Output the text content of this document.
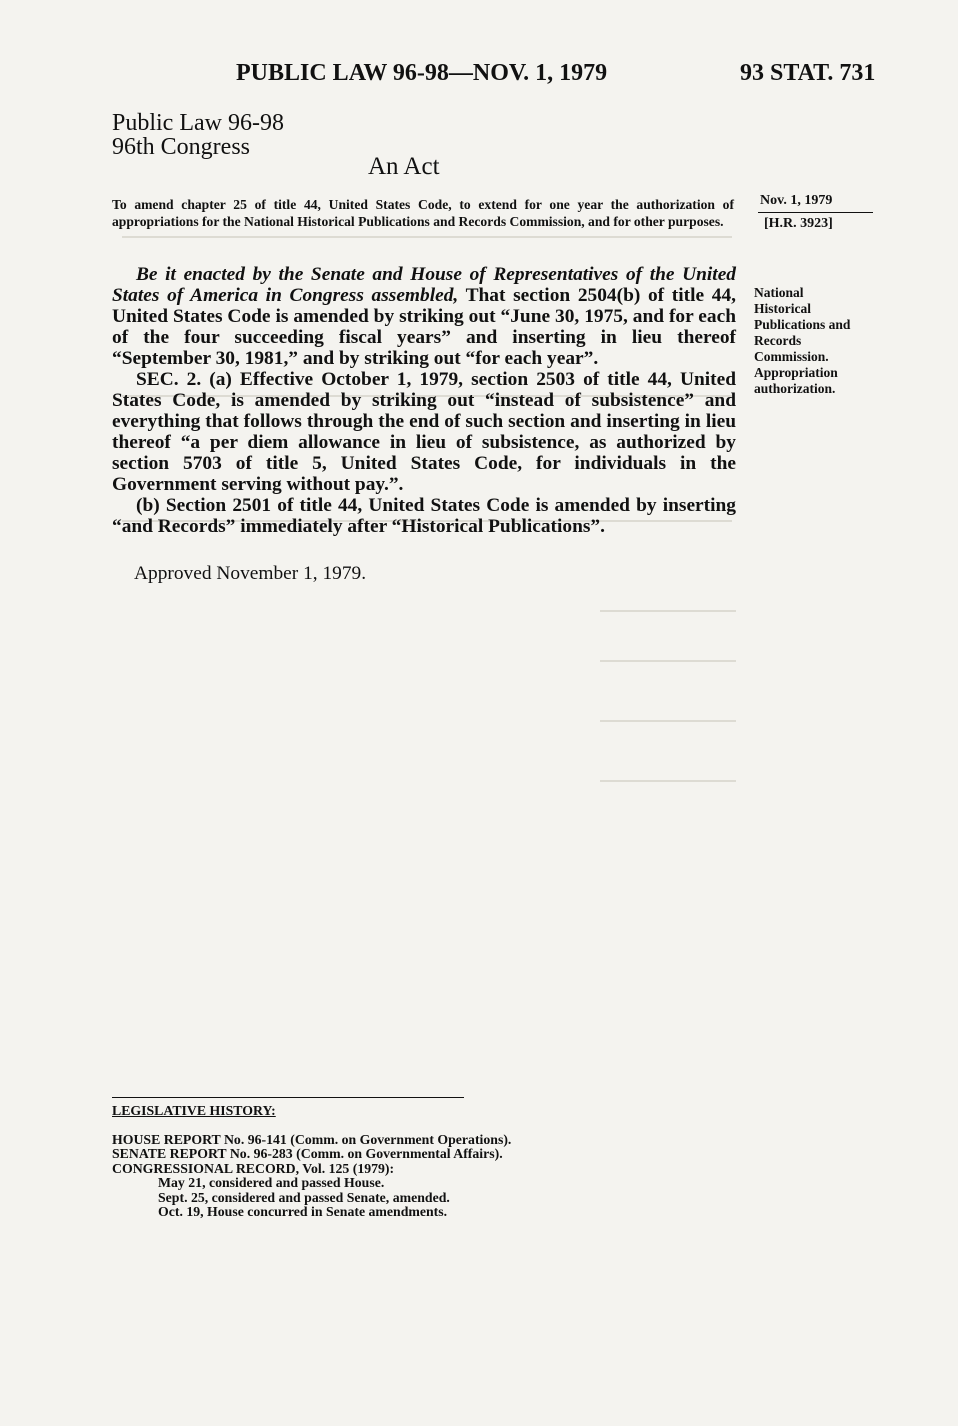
PUBLIC LAW 96-98—NOV. 1, 1979	93 STAT. 731
Public Law 96-98
96th Congress
An Act

To amend chapter 25 of title 44, United States Code, to extend for one year the authorization of appropriations for the National Historical Publications and Records Commission, and for other purposes.

Nov. 1, 1979
[H.R. 3923]

Be it enacted by the Senate and House of Representatives of the United States of America in Congress assembled, That section 2504(b) of title 44, United States Code is amended by striking out “June 30, 1975, and for each of the four succeeding fiscal years” and inserting in lieu thereof “September 30, 1981,” and by striking out “for each year”.

SEC. 2. (a) Effective October 1, 1979, section 2503 of title 44, United States Code, is amended by striking out “instead of subsistence” and everything that follows through the end of such section and inserting in lieu thereof “a per diem allowance in lieu of subsistence, as authorized by section 5703 of title 5, United States Code, for individuals in the Government serving without pay.”.

(b) Section 2501 of title 44, United States Code is amended by inserting “and Records” immediately after “Historical Publications”.

National
Historical
Publications and
Records
Commission.
Appropriation
authorization.
Approved November 1, 1979.
LEGISLATIVE HISTORY:
HOUSE REPORT No. 96-141 (Comm. on Government Operations).
SENATE REPORT No. 96-283 (Comm. on Governmental Affairs).
CONGRESSIONAL RECORD, Vol. 125 (1979):
May 21, considered and passed House.
Sept. 25, considered and passed Senate, amended.
Oct. 19, House concurred in Senate amendments.
